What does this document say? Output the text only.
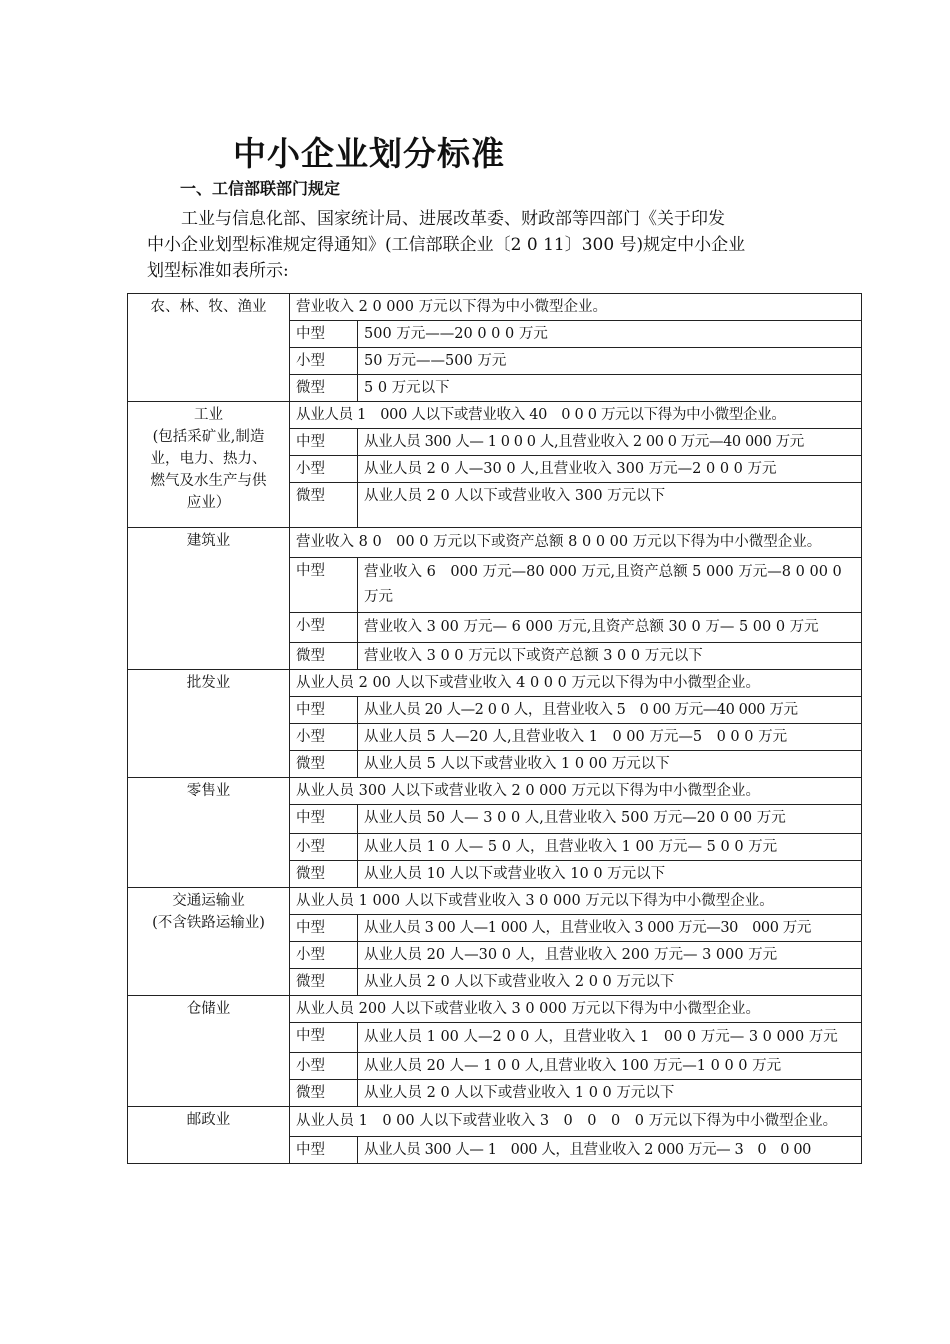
中小企业划分标准
一、工信部联部门规定

工业与信息化部、国家统计局、进展改革委、财政部等四部门《关于印发
中小企业划型标准规定得通知》(工信部联企业〔2 0 11〕300 号)规定中小企业
划型标准如表所示:

农、林、牧、渔业	营业收入 2 0 000 万元以下得为中小微型企业。	
	中型	500 万元——20 0 0 0 万元
	小型	50 万元——500 万元
	微型	5 0 万元以下

工业
(包括采矿业,制造
业，电力、热力、
燃气及水生产与供
应业）	从业人员 1　000 人以下或营业收入 40　0 0 0 万元以下得为中小微型企业。	
	中型	从业人员 300 人— 1 0 0 0 人,且营业收入 2 00 0 万元—40 000 万元
	小型	从业人员 2 0 人—30 0 人,且营业收入 300 万元—2 0 0 0 万元
	微型	从业人员 2 0 人以下或营业收入 300 万元以下
建筑业	营业收入 8 0　00 0 万元以下或资产总额 8 0 0 00 万元以下得为中小微型企业。	
	中型	营业收入 6　000 万元—80 000 万元,且资产总额 5 000 万元—8 0 00 0 万元
	小型	营业收入 3 00 万元— 6 000 万元,且资产总额 30 0 万— 5 00 0 万元
	微型	营业收入 3 0 0 万元以下或资产总额 3 0 0 万元以下
批发业	从业人员 2 00 人以下或营业收入 4 0 0 0 万元以下得为中小微型企业。	
	中型	从业人员 20 人—2 0 0 人，且营业收入 5　0 00 万元—40 000 万元
	小型	从业人员 5 人—20 人,且营业收入 1　0 00 万元—5　0 0 0 万元
	微型	从业人员 5 人以下或营业收入 1 0 00 万元以下
零售业	从业人员 300 人以下或营业收入 2 0 000 万元以下得为中小微型企业。	
	中型	从业人员 50 人— 3 0 0 人,且营业收入 500 万元—20 0 00 万元
	小型	从业人员 1 0 人— 5 0 人，且营业收入 1 00 万元— 5 0 0 万元
	微型	从业人员 10 人以下或营业收入 10 0 万元以下

交通运输业
(不含铁路运输业)	从业人员 1 000 人以下或营业收入 3 0 000 万元以下得为中小微型企业。	
	中型	从业人员 3 00 人—1 000 人，且营业收入 3 000 万元—30　000 万元
	小型	从业人员 20 人—30 0 人，且营业收入 200 万元— 3 000 万元
	微型	从业人员 2 0 人以下或营业收入 2 0 0 万元以下
仓储业	从业人员 200 人以下或营业收入 3 0 000 万元以下得为中小微型企业。	
	中型	从业人员 1 00 人—2 0 0 人，且营业收入 1　00 0 万元— 3 0 000 万元
	小型	从业人员 20 人— 1 0 0 人,且营业收入 100 万元—1 0 0 0 万元
	微型	从业人员 2 0 人以下或营业收入 1 0 0 万元以下
邮政业	从业人员 1　0 00 人以下或营业收入 3　0　0　0　0 万元以下得为中小微型企业。	
	中型	从业人员 300 人— 1　000 人，且营业收入 2 000 万元— 3　0　0 00
